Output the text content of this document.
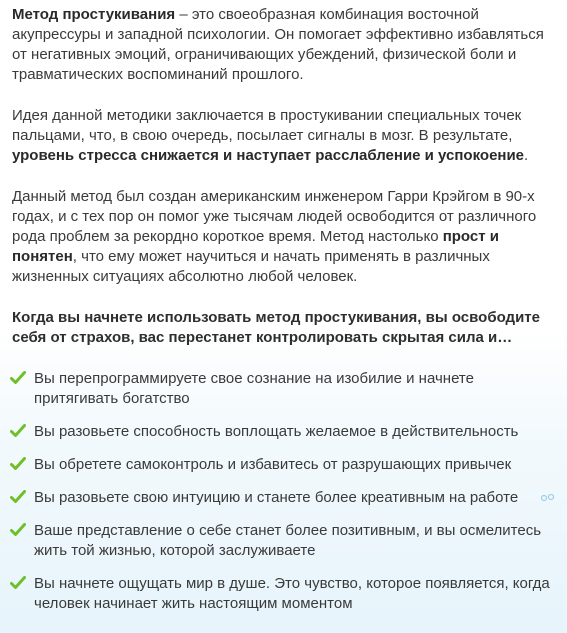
Метод простукивания – это своеобразная комбинация восточной акупрессуры и западной психологии. Он помогает эффективно избавляться от негативных эмоций, ограничивающих убеждений, физической боли и травматических воспоминаний прошлого.

Идея данной методики заключается в простукивании специальных точек пальцами, что, в свою очередь, посылает сигналы в мозг. В результате, уровень стресса снижается и наступает расслабление и успокоение.

Данный метод был создан американским инженером Гарри Крэйгом в 90-х годах, и с тех пор он помог уже тысячам людей освободится от различного рода проблем за рекордно короткое время. Метод настолько прост и понятен, что ему может научиться и начать применять в различных жизненных ситуациях абсолютно любой человек.

Когда вы начнете использовать метод простукивания, вы освободите себя от страхов, вас перестанет контролировать скрытая сила и…

Вы перепрограммируете свое сознание на изобилие и начнете притягивать богатство
Вы разовьете способность воплощать желаемое в действительность
Вы обретете самоконтроль и избавитесь от разрушающих привычек
Вы разовьете свою интуицию и станете более креативным на работе
Ваше представление о себе станет более позитивным, и вы осмелитесь жить той жизнью, которой заслуживаете
Вы начнете ощущать мир в душе. Это чувство, которое появляется, когда человек начинает жить настоящим моментом
